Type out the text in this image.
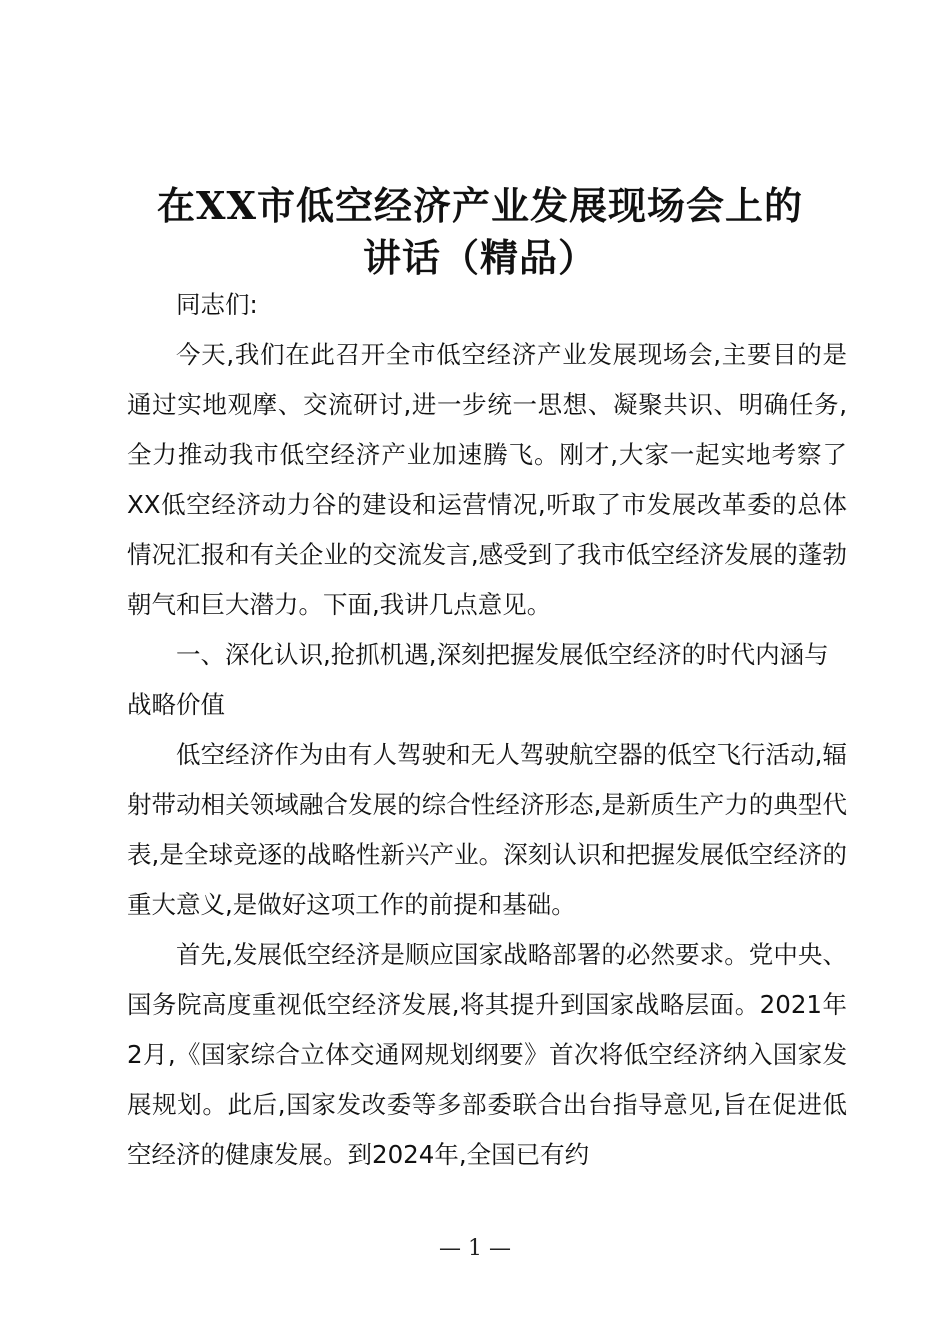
在XX市低空经济产业发展现场会上的
讲话（精品）

同志们:

今天,我们在此召开全市低空经济产业发展现场会,主要目的是通过实地观摩、交流研讨,进一步统一思想、凝聚共识、明确任务,全力推动我市低空经济产业加速腾飞。刚才,大家一起实地考察了XX低空经济动力谷的建设和运营情况,听取了市发展改革委的总体情况汇报和有关企业的交流发言,感受到了我市低空经济发展的蓬勃朝气和巨大潜力。下面,我讲几点意见。

一、深化认识,抢抓机遇,深刻把握发展低空经济的时代内涵与战略价值

低空经济作为由有人驾驶和无人驾驶航空器的低空飞行活动,辐射带动相关领域融合发展的综合性经济形态,是新质生产力的典型代表,是全球竞逐的战略性新兴产业。深刻认识和把握发展低空经济的重大意义,是做好这项工作的前提和基础。

首先,发展低空经济是顺应国家战略部署的必然要求。党中央、国务院高度重视低空经济发展,将其提升到国家战略层面。2021年2月,《国家综合立体交通网规划纲要》首次将低空经济纳入国家发展规划。此后,国家发改委等多部委联合出台指导意见,旨在促进低空经济的健康发展。到2024年,全国已有约

— 1 —
